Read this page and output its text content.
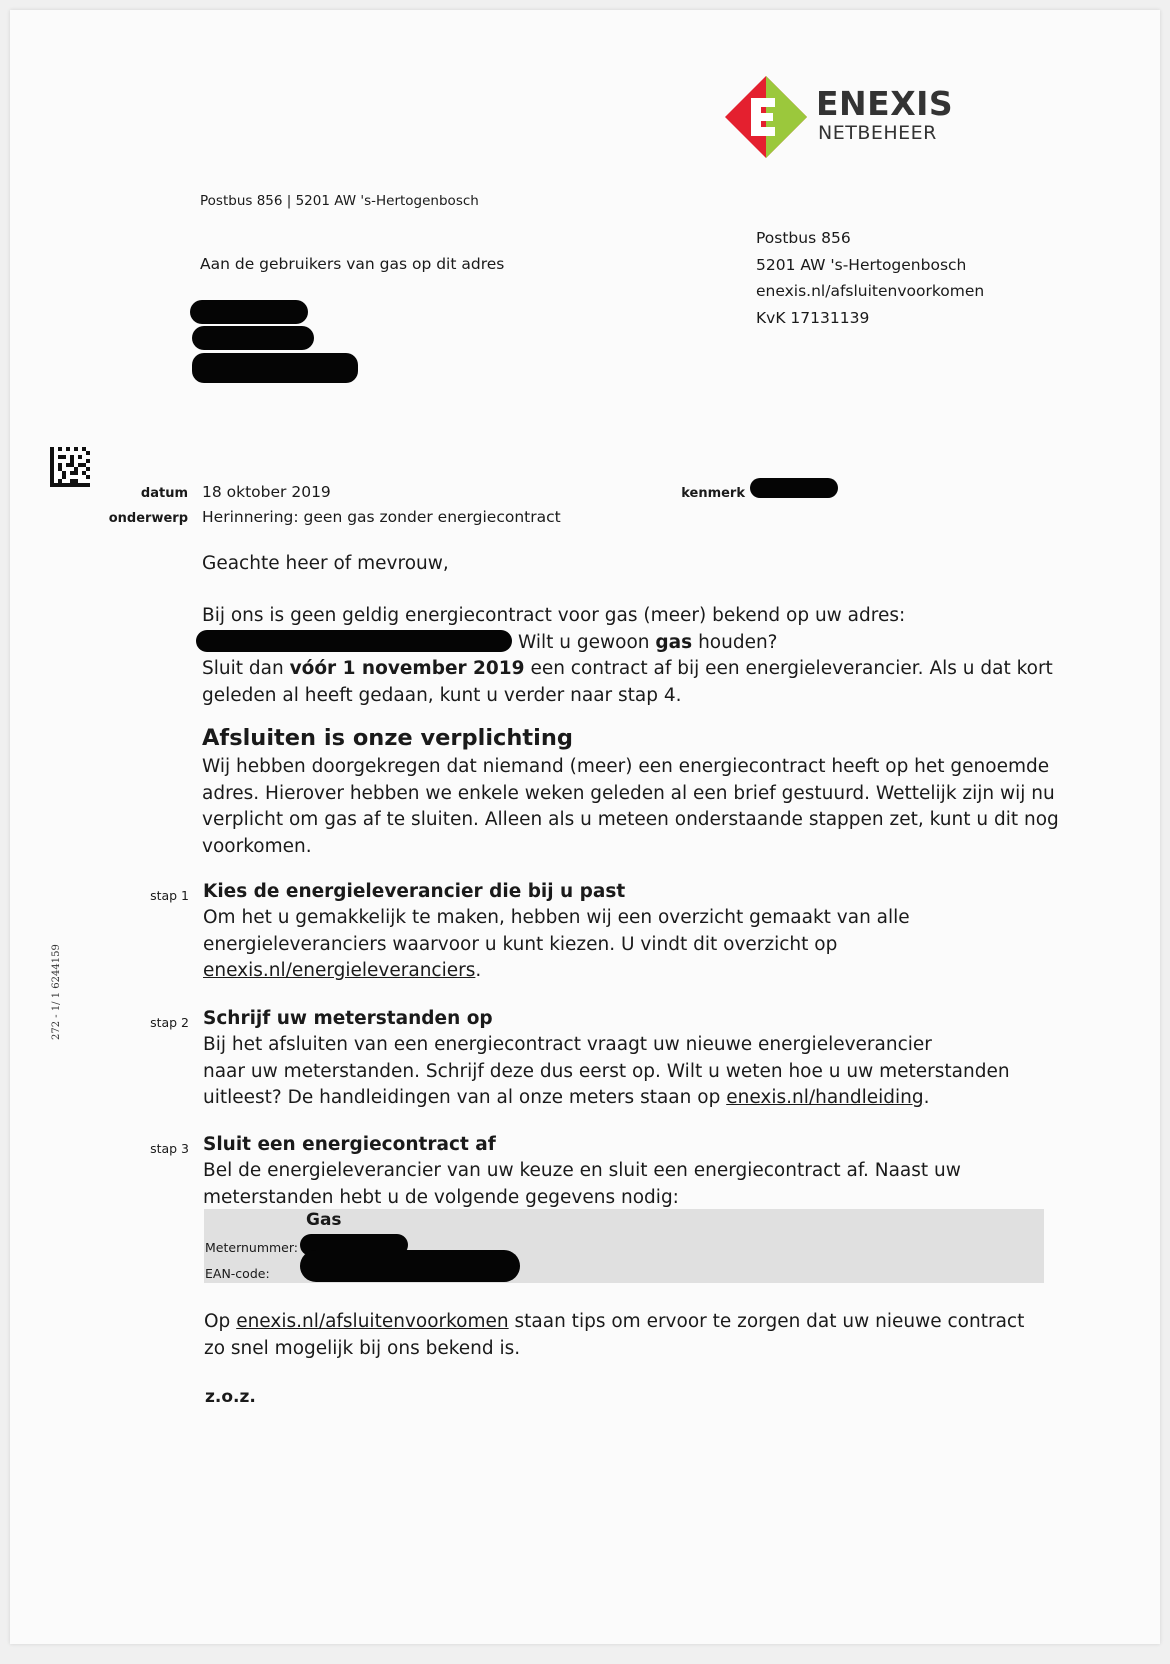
ENEXIS
NETBEHEER
Postbus 856 | 5201 AW 's-Hertogenbosch
Aan de gebruikers van gas op dit adres
Postbus 856
5201 AW 's-Hertogenbosch
enexis.nl/afsluitenvoorkomen
KvK 17131139
272 - 1/ 1 6244159
datum 18 oktober 2019
onderwerp Herinnering: geen gas zonder energiecontract
kenmerk
Geachte heer of mevrouw,
Bij ons is geen geldig energiecontract voor gas (meer) bekend op uw adres:
Wilt u gewoon gas houden?
Sluit dan vóór 1 november 2019 een contract af bij een energieleverancier. Als u dat kort
geleden al heeft gedaan, kunt u verder naar stap 4.
Afsluiten is onze verplichting
Wij hebben doorgekregen dat niemand (meer) een energiecontract heeft op het genoemde
adres. Hierover hebben we enkele weken geleden al een brief gestuurd. Wettelijk zijn wij nu
verplicht om gas af te sluiten. Alleen als u meteen onderstaande stappen zet, kunt u dit nog
voorkomen.
stap 1 Kies de energieleverancier die bij u past
Om het u gemakkelijk te maken, hebben wij een overzicht gemaakt van alle
energieleveranciers waarvoor u kunt kiezen. U vindt dit overzicht op
enexis.nl/energieleveranciers.
stap 2 Schrijf uw meterstanden op
Bij het afsluiten van een energiecontract vraagt uw nieuwe energieleverancier
naar uw meterstanden. Schrijf deze dus eerst op. Wilt u weten hoe u uw meterstanden
uitleest? De handleidingen van al onze meters staan op enexis.nl/handleiding.
stap 3 Sluit een energiecontract af
Bel de energieleverancier van uw keuze en sluit een energiecontract af. Naast uw
meterstanden hebt u de volgende gegevens nodig:
Gas
Meternummer:
EAN-code:
Op enexis.nl/afsluitenvoorkomen staan tips om ervoor te zorgen dat uw nieuwe contract
zo snel mogelijk bij ons bekend is.
z.o.z.
